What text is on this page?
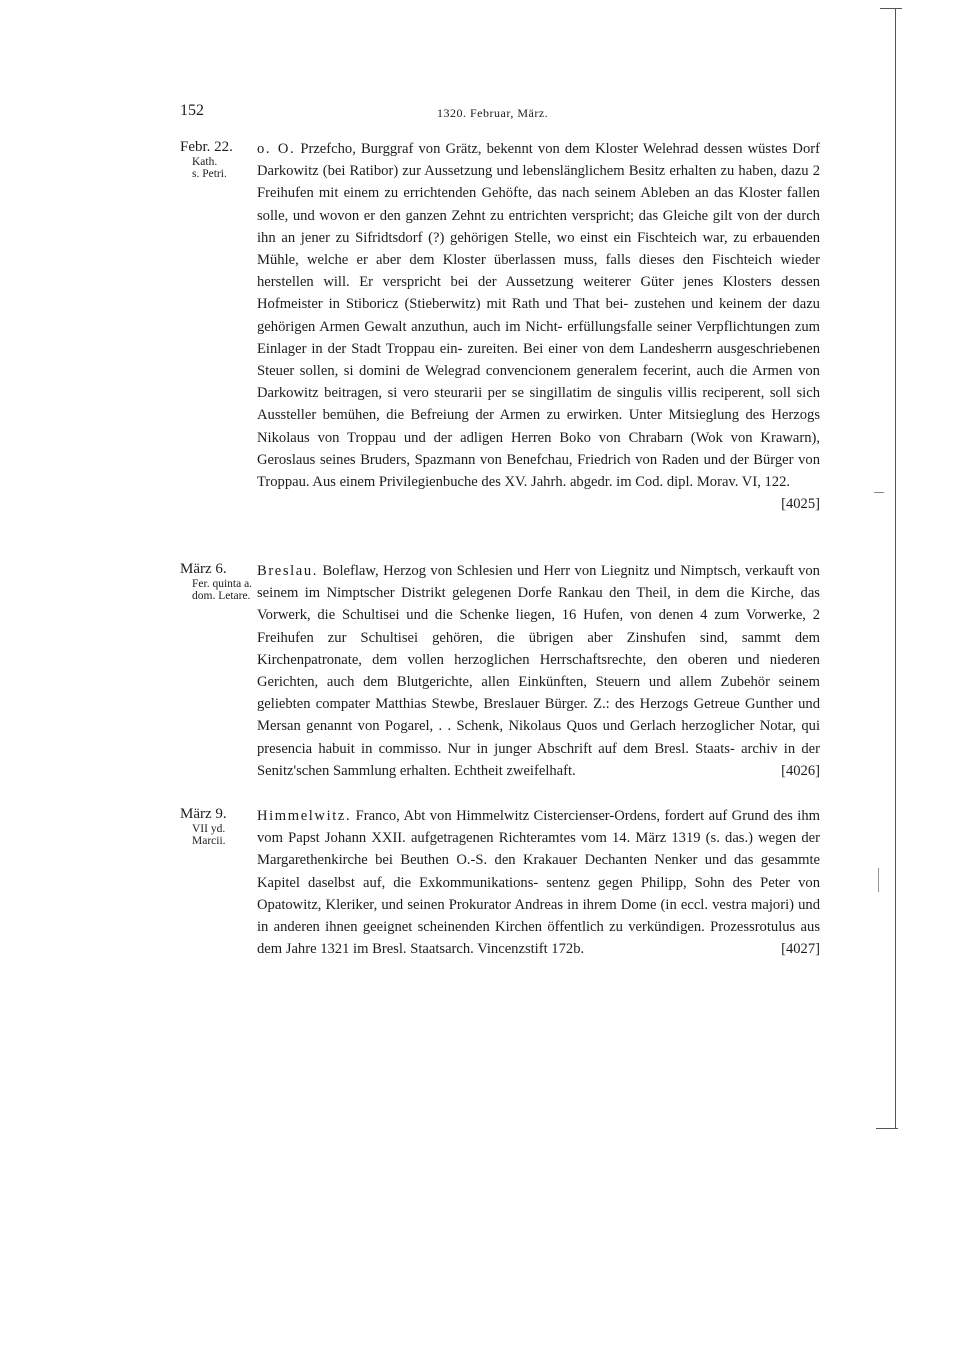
152	1320. Februar, März.
Febr. 22.
Kath.
s. Petri.
o. O. Przefcho, Burggraf von Grätz, bekennt von dem Kloster Welehrad dessen wüstes Dorf Darkowitz (bei Ratibor) zur Aussetzung und lebenslänglichem Besitz erhalten zu haben, dazu 2 Freihufen mit einem zu errichtenden Gehöfte, das nach seinem Ableben an das Kloster fallen solle, und wovon er den ganzen Zehnt zu entrichten verspricht; das Gleiche gilt von der durch ihn an jener zu Sifridtsdorf (?) gehörigen Stelle, wo einst ein Fischteich war, zu erbauenden Mühle, welche er aber dem Kloster überlassen muss, falls dieses den Fischteich wieder herstellen will. Er verspricht bei der Aussetzung weiterer Güter jenes Klosters dessen Hofmeister in Stiboricz (Stieberwitz) mit Rath und That bei- zustehen und keinem der dazu gehörigen Armen Gewalt anzuthun, auch im Nicht- erfüllungsfalle seiner Verpflichtungen zum Einlager in der Stadt Troppau ein- zureiten. Bei einer von dem Landesherrn ausgeschriebenen Steuer sollen, si domini de Welegrad convencionem generalem fecerint, auch die Armen von Darkowitz beitragen, si vero steurarii per se singillatim de singulis villis reciperent, soll sich Aussteller bemühen, die Befreiung der Armen zu erwirken. Unter Mitsieglung des Herzogs Nikolaus von Troppau und der adligen Herren Boko von Chrabarn (Wok von Krawarn), Geroslaus seines Bruders, Spazmann von Benefchau, Friedrich von Raden und der Bürger von Troppau. Aus einem Privilegienbuche des XV. Jahrh. abgedr. im Cod. dipl. Morav. VI, 122.
[4025]
März 6.
Fer. quinta a.
dom. Letare.
Breslau. Boleflaw, Herzog von Schlesien und Herr von Liegnitz und Nimptsch, verkauft von seinem im Nimptscher Distrikt gelegenen Dorfe Rankau den Theil, in dem die Kirche, das Vorwerk, die Schultisei und die Schenke liegen, 16 Hufen, von denen 4 zum Vorwerke, 2 Freihufen zur Schultisei gehören, die übrigen aber Zinshufen sind, sammt dem Kirchenpatronate, dem vollen herzoglichen Herrschaftsrechte, den oberen und niederen Gerichten, auch dem Blutgerichte, allen Einkünften, Steuern und allem Zubehör seinem geliebten compater Matthias Stewbe, Breslauer Bürger. Z.: des Herzogs Getreue Gunther und Mersan genannt von Pogarel, . . Schenk, Nikolaus Quos und Gerlach herzoglicher Notar, qui presencia habuit in commisso. Nur in junger Abschrift auf dem Bresl. Staats- archiv in der Senitz'schen Sammlung erhalten. Echtheit zweifelhaft.	[4026]
März 9.
VII yd.
Marcii.
Himmelwitz. Franco, Abt von Himmelwitz Cistercienser-Ordens, fordert auf Grund des ihm vom Papst Johann XXII. aufgetragenen Richteramtes vom 14. März 1319 (s. das.) wegen der Margarethenkirche bei Beuthen O.-S. den Krakauer Dechanten Nenker und das gesammte Kapitel daselbst auf, die Exkommunikations- sentenz gegen Philipp, Sohn des Peter von Opatowitz, Kleriker, und seinen Prokurator Andreas in ihrem Dome (in eccl. vestra majori) und in anderen ihnen geeignet scheinenden Kirchen öffentlich zu verkündigen. Prozessrotulus aus dem Jahre 1321 im Bresl. Staatsarch. Vincenzstift 172b.	[4027]
